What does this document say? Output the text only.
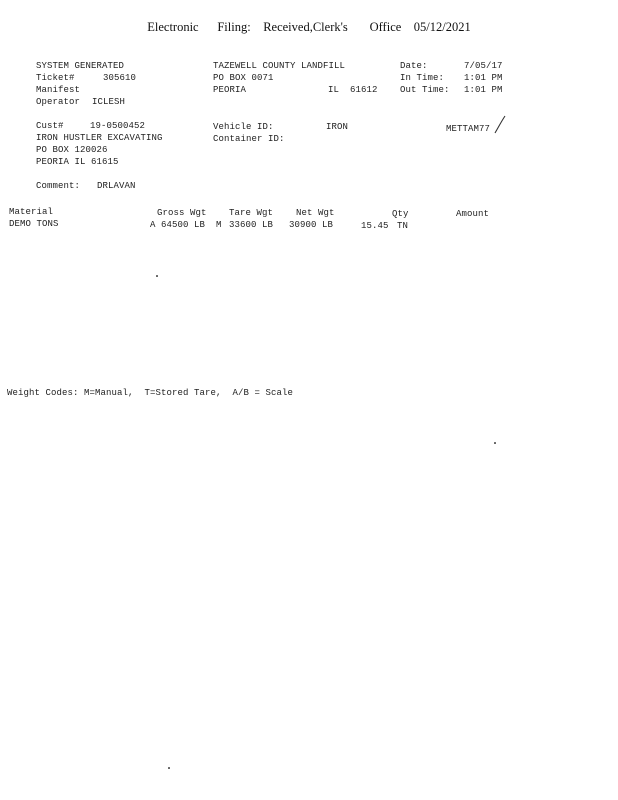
Electronic Filing: Received,Clerk's Office 05/12/2021
SYSTEM GENERATED
Ticket#	305610
Manifest
Operator ICLESH
TAZEWELL COUNTY LANDFILL
PO BOX 0071
PEORIA	IL 61612
Date:	7/05/17
In Time: 1:01 PM
Out Time: 1:01 PM
Cust#	19-0500452
IRON HUSTLER EXCAVATING
PO BOX 120026
PEORIA IL 61615
Comment: DRLAVAN
Vehicle ID:	IRON
Container ID:
METTAM77
Material	Gross Wgt Tare Wgt	Net Wgt	Qty	Amount
DEMO TONS	A 64500 LB M 33600 LB 30900 LB	15.45 TN
Weight Codes: M=Manual,  T=Stored Tare,  A/B = Scale
